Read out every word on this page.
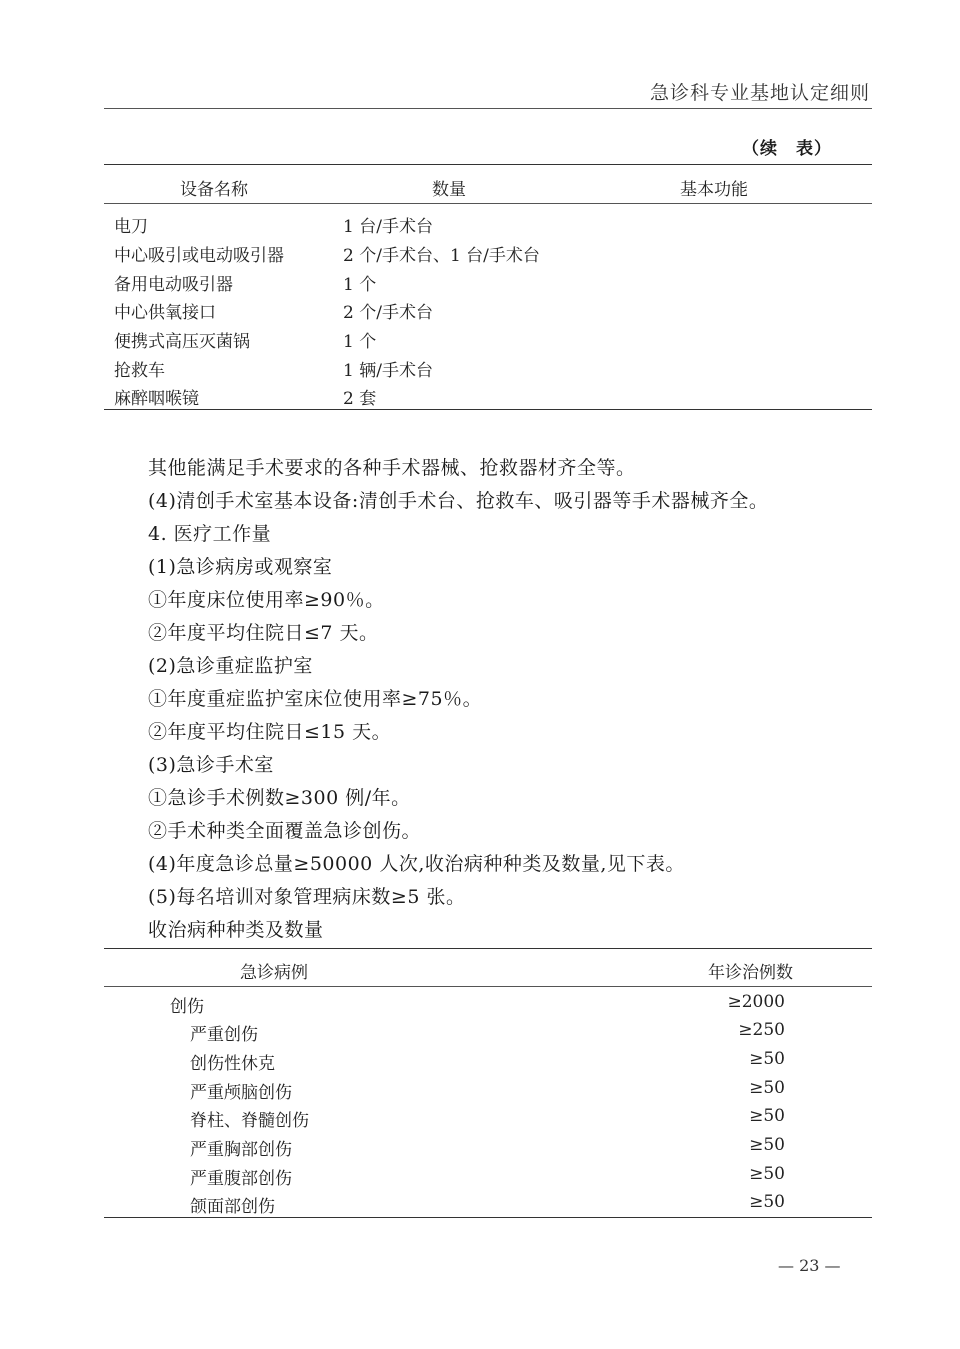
急诊科专业基地认定细则
（续　表）
设备名称	数量	基本功能
电刀	1 台/手术台
中心吸引或电动吸引器	2 个/手术台、1 台/手术台
备用电动吸引器	1 个
中心供氧接口	2 个/手术台
便携式高压灭菌锅	1 个
抢救车	1 辆/手术台
麻醉咽喉镜	2 套
其他能满足手术要求的各种手术器械、抢救器材齐全等。
(4)清创手术室基本设备:清创手术台、抢救车、吸引器等手术器械齐全。
4. 医疗工作量
(1)急诊病房或观察室
①年度床位使用率≥90％。
②年度平均住院日≤7 天。
(2)急诊重症监护室
①年度重症监护室床位使用率≥75％。
②年度平均住院日≤15 天。
(3)急诊手术室
①急诊手术例数≥300 例/年。
②手术种类全面覆盖急诊创伤。
(4)年度急诊总量≥50000 人次,收治病种种类及数量,见下表。
(5)每名培训对象管理病床数≥5 张。
收治病种种类及数量
急诊病例	年诊治例数
创伤	≥2000
严重创伤	≥250
创伤性休克	≥50
严重颅脑创伤	≥50
脊柱、脊髓创伤	≥50
严重胸部创伤	≥50
严重腹部创伤	≥50
颌面部创伤	≥50
— 23 —
